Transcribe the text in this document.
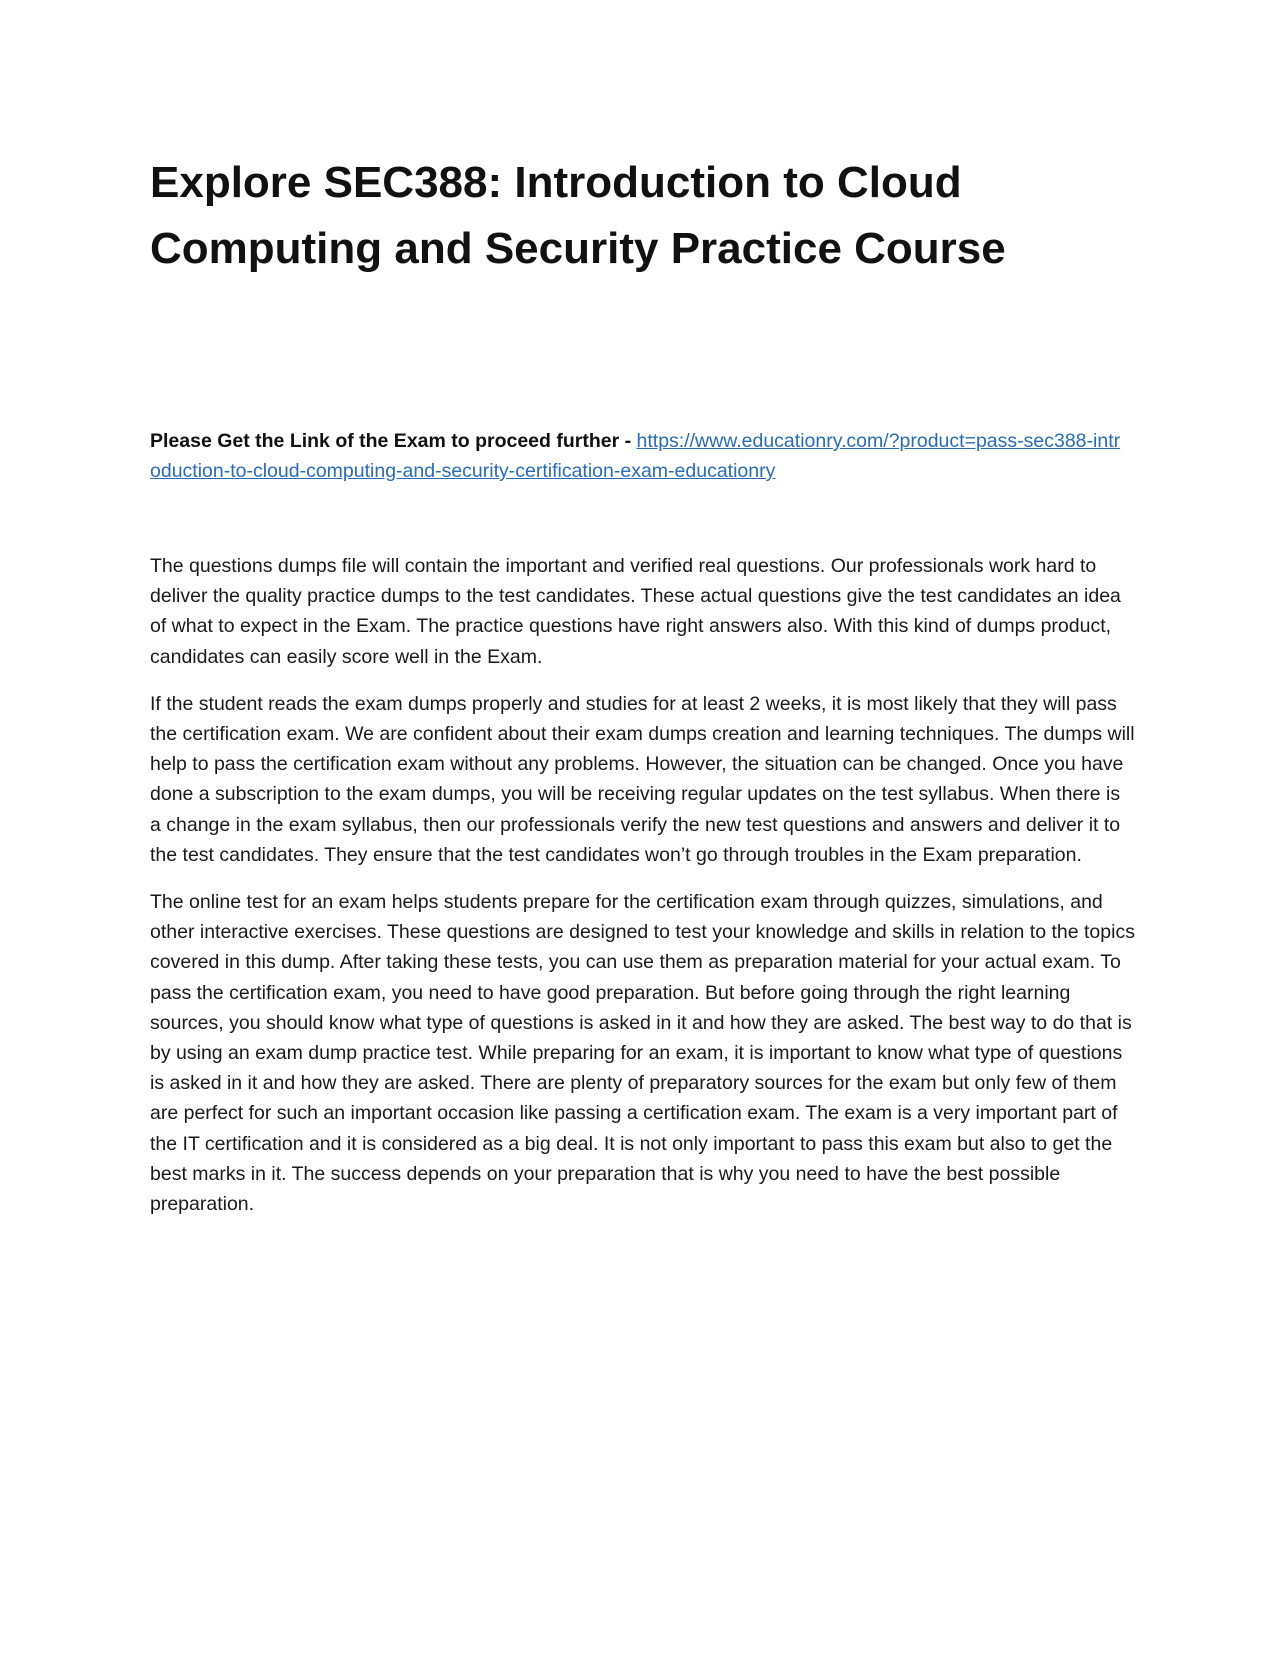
Explore SEC388: Introduction to Cloud Computing and Security Practice Course

Please Get the Link of the Exam to proceed further - https://www.educationry.com/?product=pass-sec388-introduction-to-cloud-computing-and-security-certification-exam-educationry

The questions dumps file will contain the important and verified real questions. Our professionals work hard to deliver the quality practice dumps to the test candidates. These actual questions give the test candidates an idea of what to expect in the Exam. The practice questions have right answers also. With this kind of dumps product, candidates can easily score well in the Exam.

If the student reads the exam dumps properly and studies for at least 2 weeks, it is most likely that they will pass the certification exam. We are confident about their exam dumps creation and learning techniques. The dumps will help to pass the certification exam without any problems. However, the situation can be changed. Once you have done a subscription to the exam dumps, you will be receiving regular updates on the test syllabus. When there is a change in the exam syllabus, then our professionals verify the new test questions and answers and deliver it to the test candidates. They ensure that the test candidates won’t go through troubles in the Exam preparation.

The online test for an exam helps students prepare for the certification exam through quizzes, simulations, and other interactive exercises. These questions are designed to test your knowledge and skills in relation to the topics covered in this dump. After taking these tests, you can use them as preparation material for your actual exam. To pass the certification exam, you need to have good preparation. But before going through the right learning sources, you should know what type of questions is asked in it and how they are asked. The best way to do that is by using an exam dump practice test. While preparing for an exam, it is important to know what type of questions is asked in it and how they are asked. There are plenty of preparatory sources for the exam but only few of them are perfect for such an important occasion like passing a certification exam. The exam is a very important part of the IT certification and it is considered as a big deal. It is not only important to pass this exam but also to get the best marks in it. The success depends on your preparation that is why you need to have the best possible preparation.
